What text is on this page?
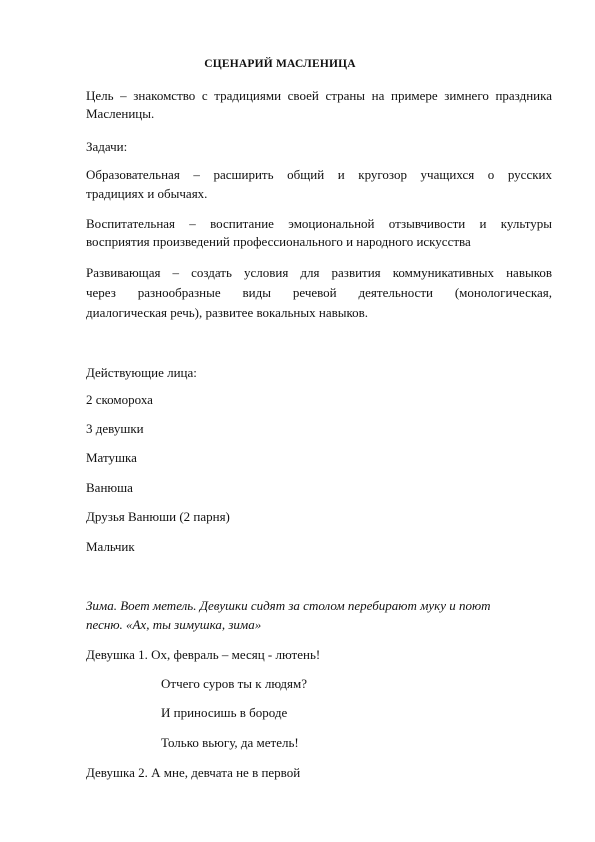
СЦЕНАРИЙ МАСЛЕНИЦА
Цель – знакомство с традициями своей страны на примере зимнего праздника
Масленицы.
Задачи:
Образовательная – расширить общий и кругозор учащихся о русских
традициях и обычаях.
Воспитательная – воспитание эмоциональной отзывчивости и культуры
восприятия произведений профессионального и народного искусства
Развивающая – создать условия для развития коммуникативных навыков
через разнообразные виды речевой деятельности (монологическая,
диалогическая речь), развитее вокальных навыков.
Действующие лица:
2 скомороха
3 девушки
Матушка
Ванюша
Друзья Ванюши (2 парня)
Мальчик
Зима. Воет метель. Девушки сидят за столом перебирают муку и поют
песню. «Ах, ты зимушка, зима»
Девушка 1. Ох, февраль – месяц - лютень!
Отчего суров ты к людям?
И приносишь в бороде
Только вьюгу, да метель!
Девушка 2. А мне, девчата не в первой
